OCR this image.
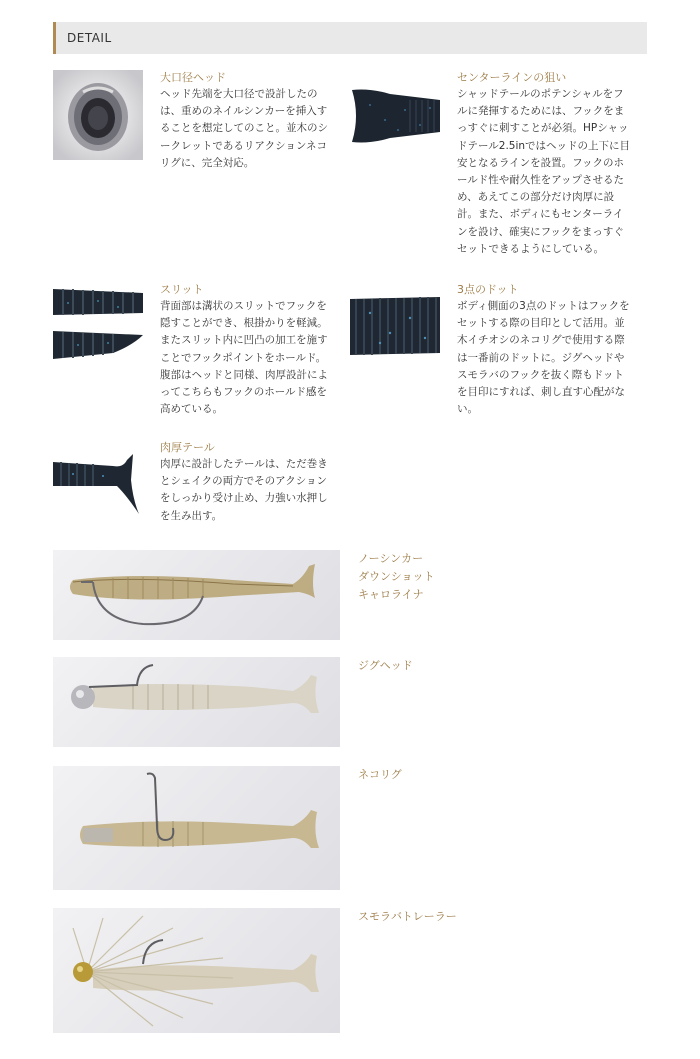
DETAIL
大口径ヘッド
ヘッド先端を大口径で設計したの
は、重めのネイルシンカーを挿入す
ることを想定してのこと。並木のシ
ークレットであるリアクションネコ
リグに、完全対応。
センターラインの狙い
シャッドテールのポテンシャルをフ
ルに発揮するためには、フックをま
っすぐに刺すことが必須。HPシャッ
ドテール2.5inではヘッドの上下に目
安となるラインを設置。フックのホ
ールド性や耐久性をアップさせるた
め、あえてこの部分だけ肉厚に設
計。また、ボディにもセンターライ
ンを設け、確実にフックをまっすぐ
セットできるようにしている。
スリット
背面部は溝状のスリットでフックを
隠すことができ、根掛かりを軽減。
またスリット内に凹凸の加工を施す
ことでフックポイントをホールド。
腹部はヘッドと同様、肉厚設計によ
ってこちらもフックのホールド感を
高めている。
3点のドット
ボディ側面の3点のドットはフックを
セットする際の目印として活用。並
木イチオシのネコリグで使用する際
は一番前のドットに。ジグヘッドや
スモラバのフックを抜く際もドット
を目印にすれば、刺し直す心配がな
い。
肉厚テール
肉厚に設計したテールは、ただ巻き
とシェイクの両方でそのアクション
をしっかり受け止め、力強い水押し
を生み出す。
ノーシンカー
ダウンショット
キャロライナ
ジグヘッド
ネコリグ
スモラバトレーラー
